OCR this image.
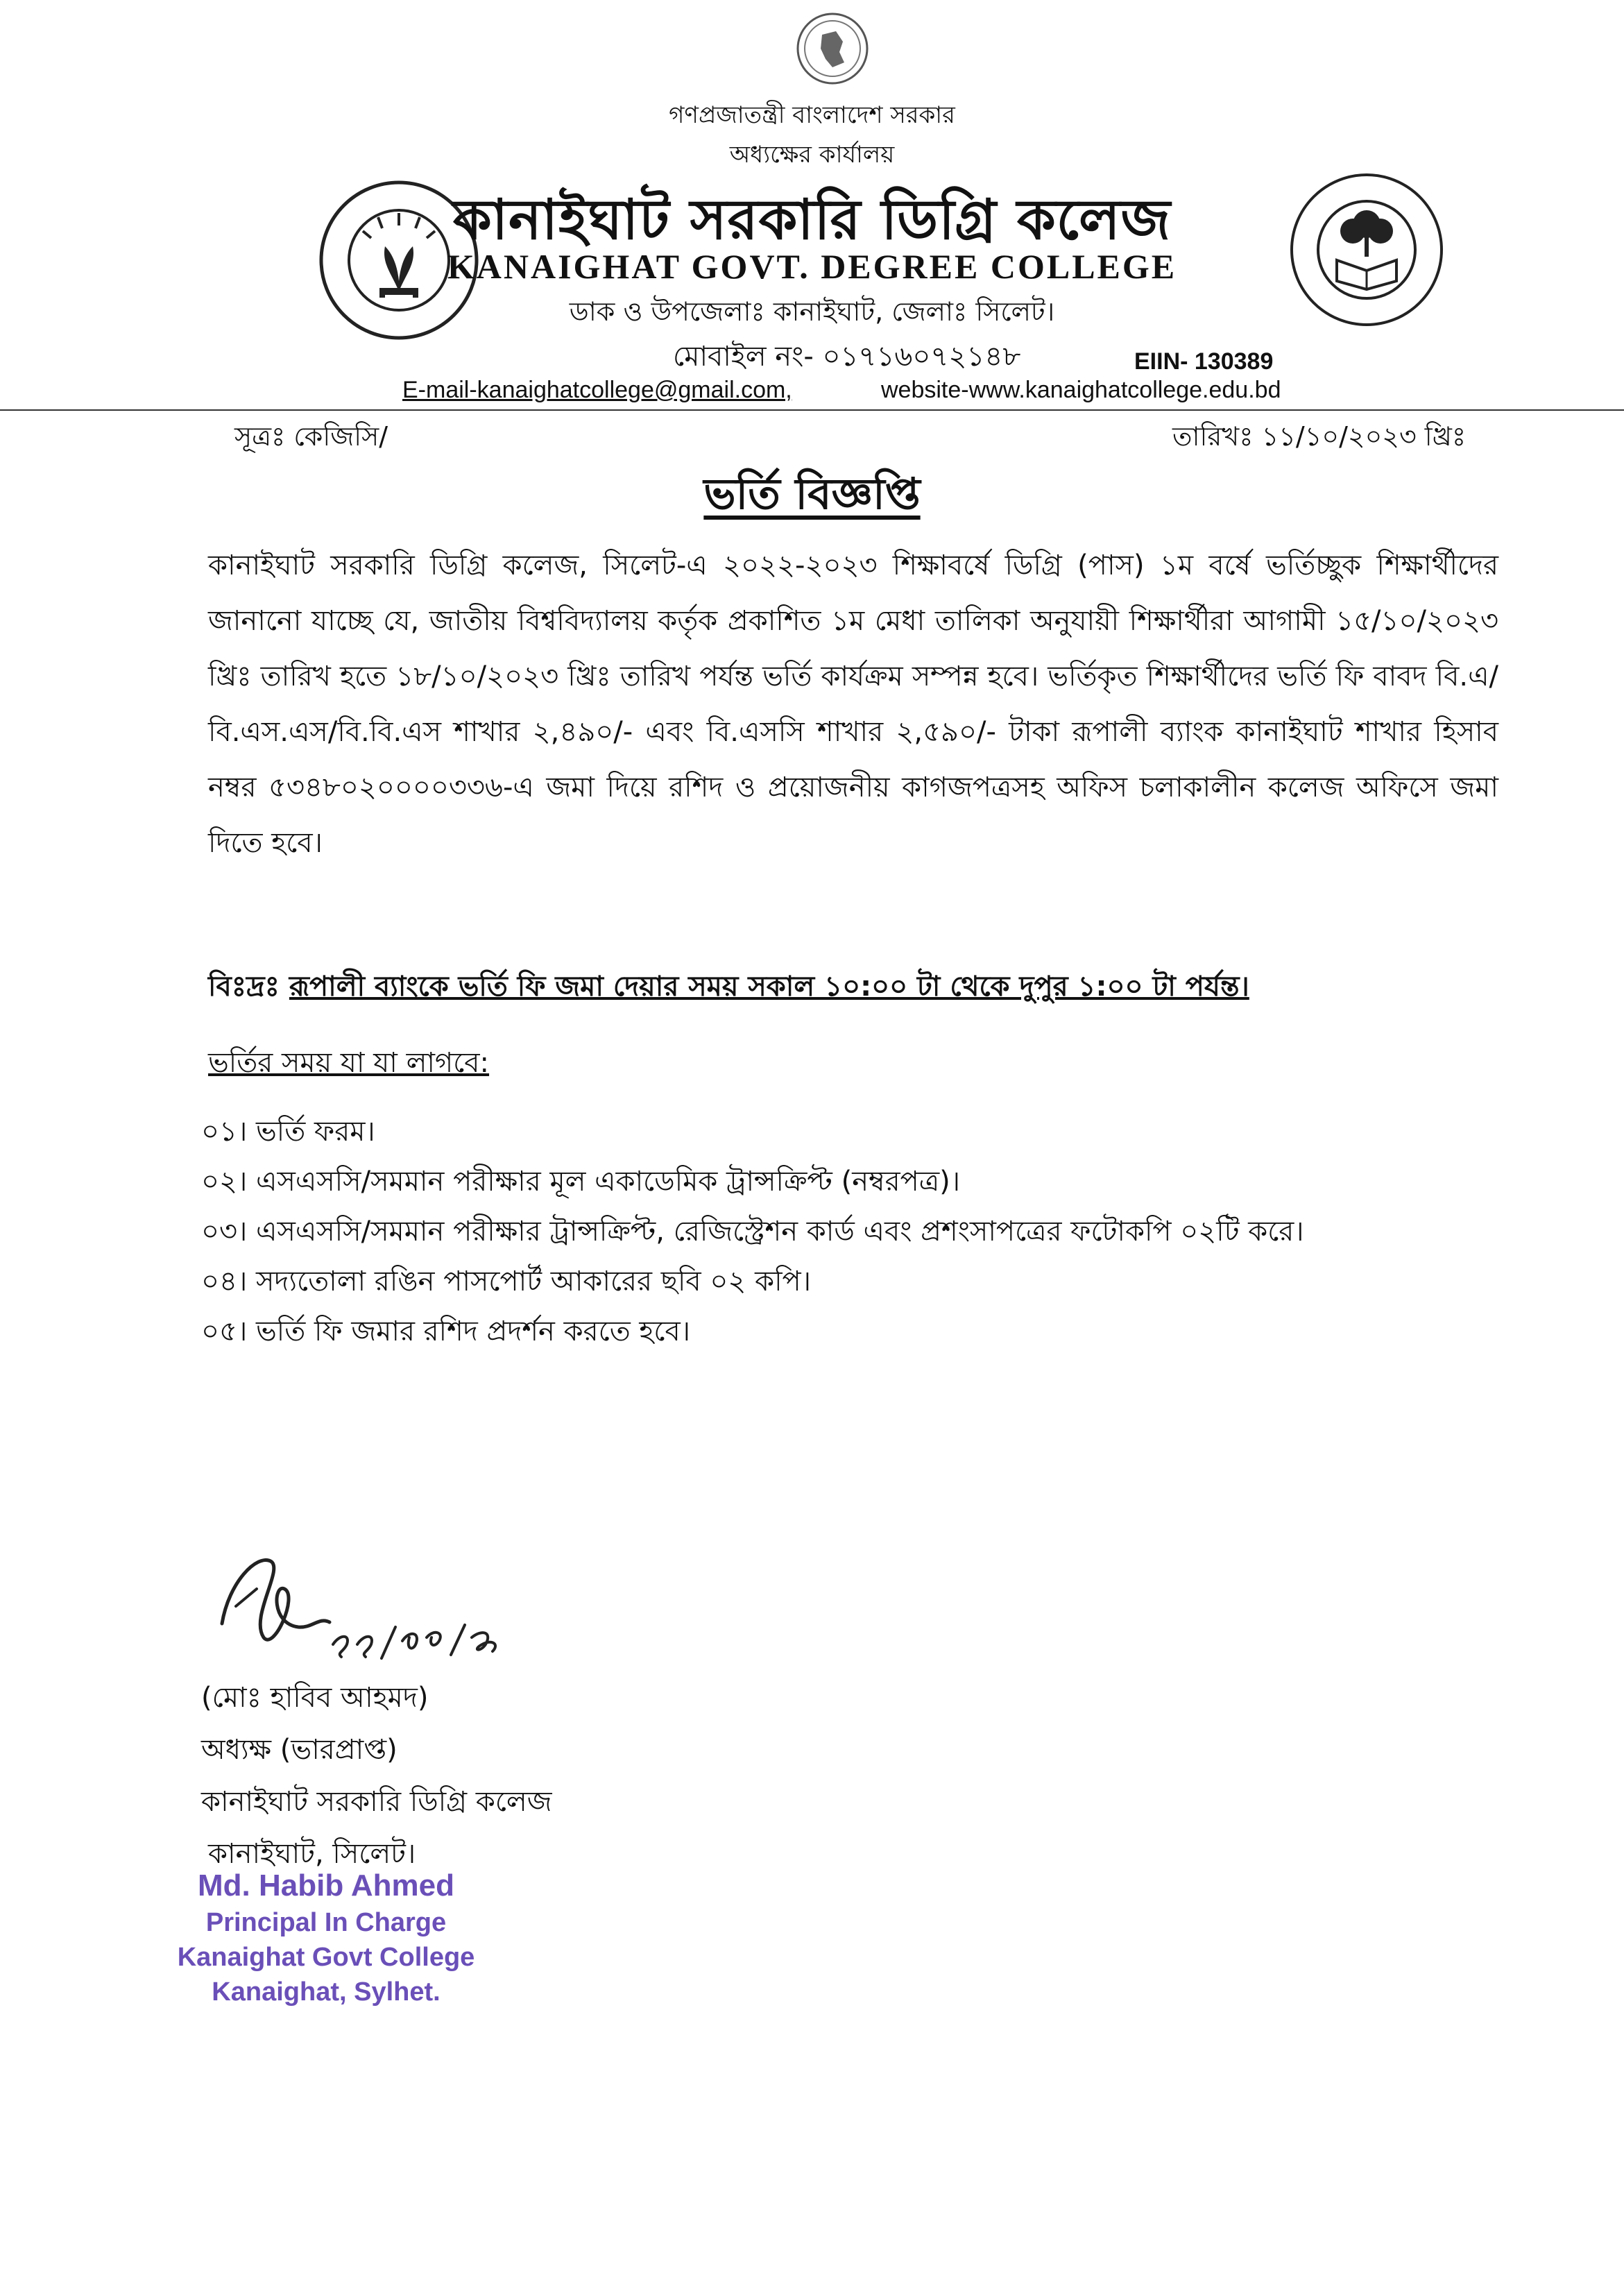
গণপ্রজাতন্ত্রী বাংলাদেশ সরকার
অধ্যক্ষের কার্যালয়
কানাইঘাট সরকারি ডিগ্রি কলেজ
KANAIGHAT GOVT. DEGREE COLLEGE
ডাক ও উপজেলাঃ কানাইঘাট, জেলাঃ সিলেট।
মোবাইল নং- ০১৭১৬০৭২১৪৮	EIIN- 130389
E-mail-kanaighatcollege@gmail.com,	website-www.kanaighatcollege.edu.bd
সূত্রঃ কেজিসি/	তারিখঃ ১১/১০/২০২৩ খ্রিঃ
ভর্তি বিজ্ঞপ্তি
কানাইঘাট সরকারি ডিগ্রি কলেজ, সিলেট-এ ২০২২-২০২৩ শিক্ষাবর্ষে ডিগ্রি (পাস) ১ম বর্ষে ভর্তিচ্ছুক শিক্ষার্থীদের জানানো যাচ্ছে যে, জাতীয় বিশ্ববিদ্যালয় কর্তৃক প্রকাশিত ১ম মেধা তালিকা অনুযায়ী শিক্ষার্থীরা আগামী ১৫/১০/২০২৩ খ্রিঃ তারিখ হতে ১৮/১০/২০২৩ খ্রিঃ তারিখ পর্যন্ত ভর্তি কার্যক্রম সম্পন্ন হবে। ভর্তিকৃত শিক্ষার্থীদের ভর্তি ফি বাবদ বি.এ/বি.এস.এস/বি.বি.এস শাখার ২,৪৯০/- এবং বি.এসসি শাখার ২,৫৯০/- টাকা রূপালী ব্যাংক কানাইঘাট শাখার হিসাব নম্বর ৫৩৪৮০২০০০০৩৩৬-এ জমা দিয়ে রশিদ ও প্রয়োজনীয় কাগজপত্রসহ অফিস চলাকালীন কলেজ অফিসে জমা দিতে হবে।
বিঃদ্রঃ রূপালী ব্যাংকে ভর্তি ফি জমা দেয়ার সময় সকাল ১০:০০ টা থেকে দুপুর ১:০০ টা পর্যন্ত।
ভর্তির সময় যা যা লাগবে:
০১। ভর্তি ফরম।
০২। এসএসসি/সমমান পরীক্ষার মূল একাডেমিক ট্রান্সক্রিপ্ট (নম্বরপত্র)।
০৩। এসএসসি/সমমান পরীক্ষার ট্রান্সক্রিপ্ট, রেজিস্ট্রেশন কার্ড এবং প্রশংসাপত্রের ফটোকপি ০২টি করে।
০৪। সদ্যতোলা রঙিন পাসপোর্ট আকারের ছবি ০২ কপি।
০৫। ভর্তি ফি জমার রশিদ প্রদর্শন করতে হবে।
(মোঃ হাবিব আহমদ)
অধ্যক্ষ (ভারপ্রাপ্ত)
কানাইঘাট সরকারি ডিগ্রি কলেজ
কানাইঘাট, সিলেট।
Md. Habib Ahmed
Principal In Charge
Kanaighat Govt College
Kanaighat, Sylhet.
